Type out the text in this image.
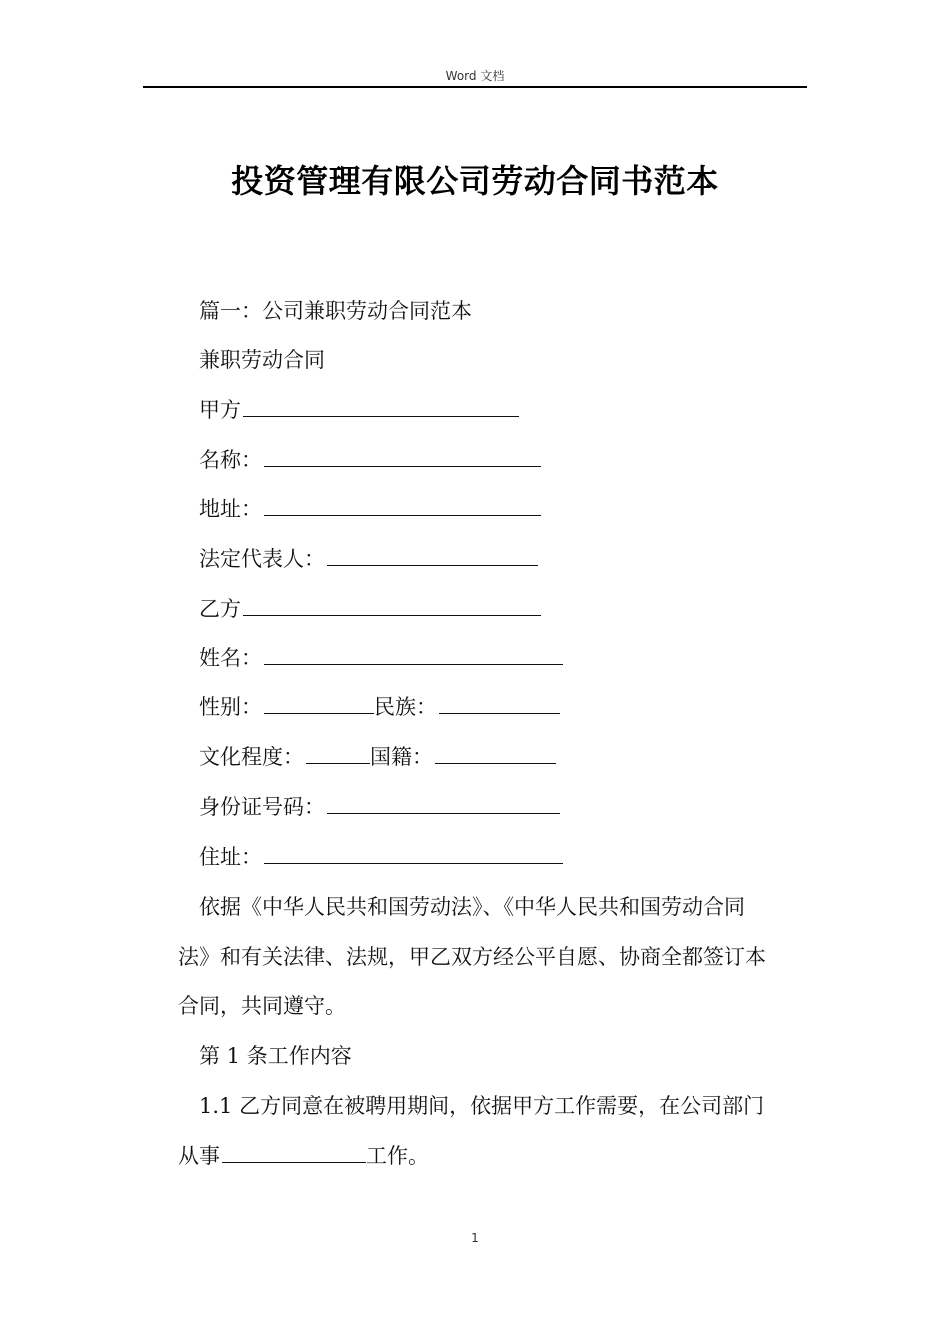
Word 文档
投资管理有限公司劳动合同书范本
篇一：公司兼职劳动合同范本
兼职劳动合同
甲方
名称：
地址：
法定代表人：
乙方
姓名：
性别：	民族：
文化程度：	国籍：
身份证号码：
住址：
依据《中华人民共和国劳动法》、《中华人民共和国劳动合同
法》和有关法律、法规，甲乙双方经公平自愿、协商全都签订本
合同，共同遵守。
第 1 条工作内容
1.1 乙方同意在被聘用期间，依据甲方工作需要，在公司部门
从事	工作。
1
